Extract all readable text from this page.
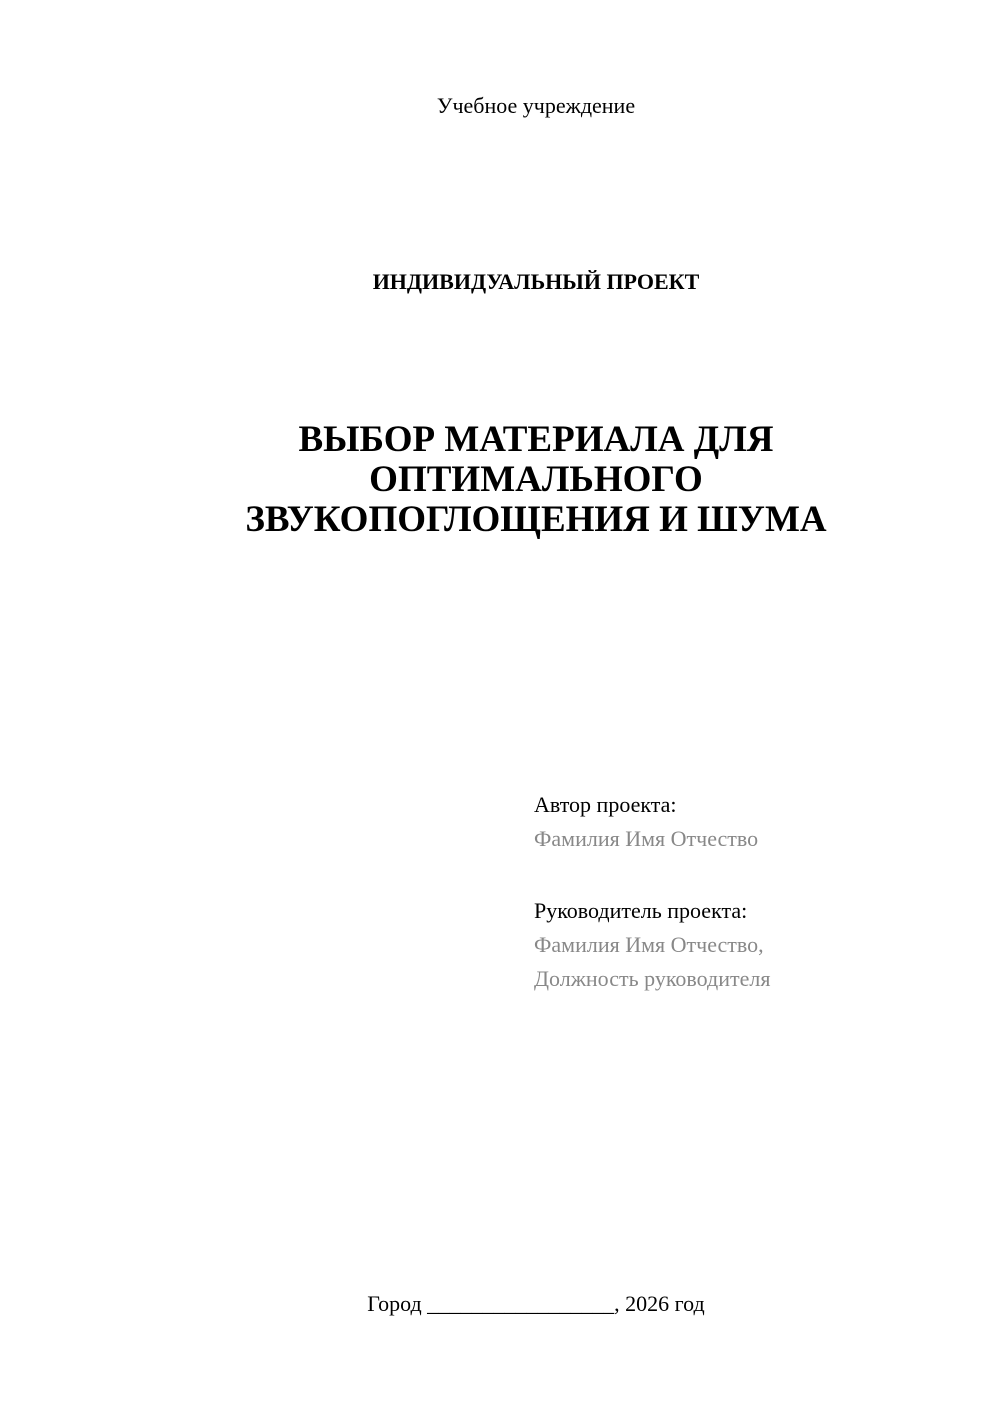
Учебное учреждение
ИНДИВИДУАЛЬНЫЙ ПРОЕКТ
ВЫБОР МАТЕРИАЛА ДЛЯ
ОПТИМАЛЬНОГО
ЗВУКОПОГЛОЩЕНИЯ И ШУМА
Автор проекта:
Фамилия Имя Отчество
Руководитель проекта:
Фамилия Имя Отчество,
Должность руководителя
Город _________________, 2026 год
